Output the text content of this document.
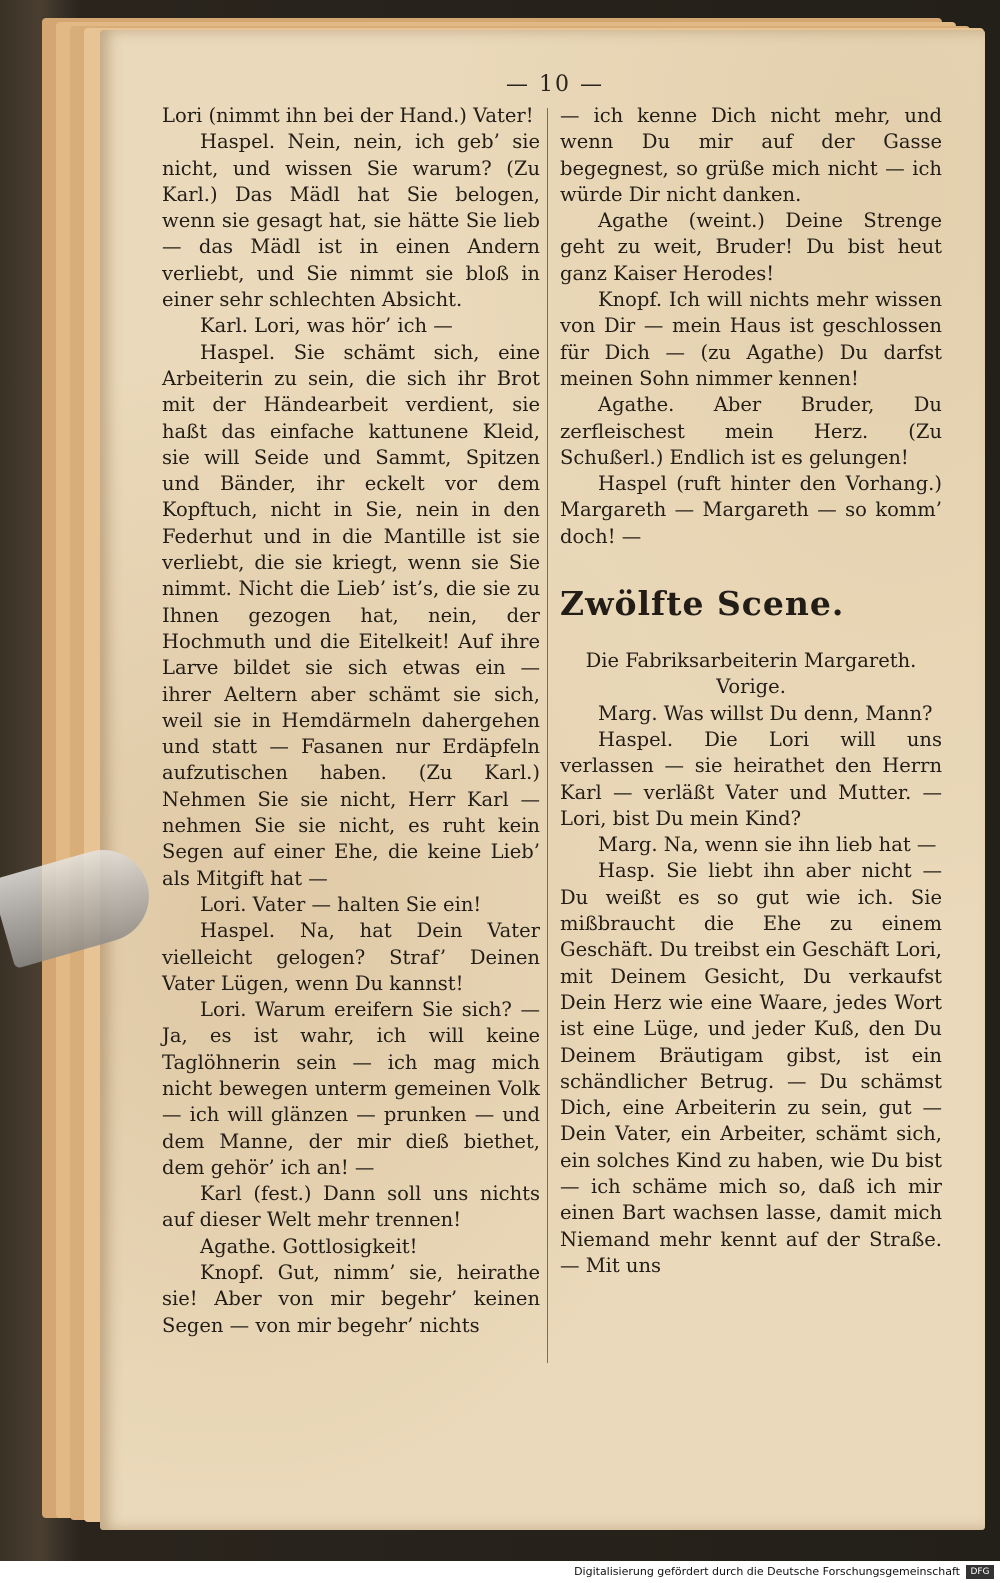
— 10 —

Lori (nimmt ihn bei der Hand.) Vater!

Haspel. Nein, nein, ich geb’ sie nicht, und wissen Sie warum? (Zu Karl.) Das Mädl hat Sie belogen, wenn sie gesagt hat, sie hätte Sie lieb — das Mädl ist in einen Andern verliebt, und Sie nimmt sie bloß in einer sehr schlechten Absicht.

Karl. Lori, was hör’ ich —

Haspel. Sie schämt sich, eine Arbeiterin zu sein, die sich ihr Brot mit der Händearbeit verdient, sie haßt das einfache kattunene Kleid, sie will Seide und Sammt, Spitzen und Bänder, ihr eckelt vor dem Kopftuch, nicht in Sie, nein in den Federhut und in die Mantille ist sie verliebt, die sie kriegt, wenn sie Sie nimmt. Nicht die Lieb’ ist’s, die sie zu Ihnen gezogen hat, nein, der Hochmuth und die Eitelkeit! Auf ihre Larve bildet sie sich etwas ein — ihrer Aeltern aber schämt sie sich, weil sie in Hemdärmeln dahergehen und statt — Fasanen nur Erdäpfeln aufzutischen haben. (Zu Karl.) Nehmen Sie sie nicht, Herr Karl — nehmen Sie sie nicht, es ruht kein Segen auf einer Ehe, die keine Lieb’ als Mitgift hat —

Lori. Vater — halten Sie ein!

Haspel. Na, hat Dein Vater vielleicht gelogen? Straf’ Deinen Vater Lügen, wenn Du kannst!

Lori. Warum ereifern Sie sich? — Ja, es ist wahr, ich will keine Taglöhnerin sein — ich mag mich nicht bewegen unterm gemeinen Volk — ich will glänzen — prunken — und dem Manne, der mir dieß biethet, dem gehör’ ich an! —

Karl (fest.) Dann soll uns nichts auf dieser Welt mehr trennen!

Agathe. Gottlosigkeit!

Knopf. Gut, nimm’ sie, heirathe sie! Aber von mir begehr’ keinen Segen — von mir begehr’ nichts

— ich kenne Dich nicht mehr, und wenn Du mir auf der Gasse begegnest, so grüße mich nicht — ich würde Dir nicht danken.

Agathe (weint.) Deine Strenge geht zu weit, Bruder! Du bist heut ganz Kaiser Herodes!

Knopf. Ich will nichts mehr wissen von Dir — mein Haus ist geschlossen für Dich — (zu Agathe) Du darfst meinen Sohn nimmer kennen!

Agathe. Aber Bruder, Du zerfleischest mein Herz. (Zu Schußerl.) Endlich ist es gelungen!

Haspel (ruft hinter den Vorhang.) Margareth — Margareth — so komm’ doch! —

Zwölfte Scene.

Die Fabriksarbeiterin Margareth. Vorige.

Marg. Was willst Du denn, Mann?

Haspel. Die Lori will uns verlassen — sie heirathet den Herrn Karl — verläßt Vater und Mutter. — Lori, bist Du mein Kind?

Marg. Na, wenn sie ihn lieb hat —

Hasp. Sie liebt ihn aber nicht — Du weißt es so gut wie ich. Sie mißbraucht die Ehe zu einem Geschäft. Du treibst ein Geschäft Lori, mit Deinem Gesicht, Du verkaufst Dein Herz wie eine Waare, jedes Wort ist eine Lüge, und jeder Kuß, den Du Deinem Bräutigam gibst, ist ein schändlicher Betrug. — Du schämst Dich, eine Arbeiterin zu sein, gut — Dein Vater, ein Arbeiter, schämt sich, ein solches Kind zu haben, wie Du bist — ich schäme mich so, daß ich mir einen Bart wachsen lasse, damit mich Niemand mehr kennt auf der Straße. — Mit uns

Digitalisierung gefördert durch die Deutsche Forschungsgemeinschaft	DFG
